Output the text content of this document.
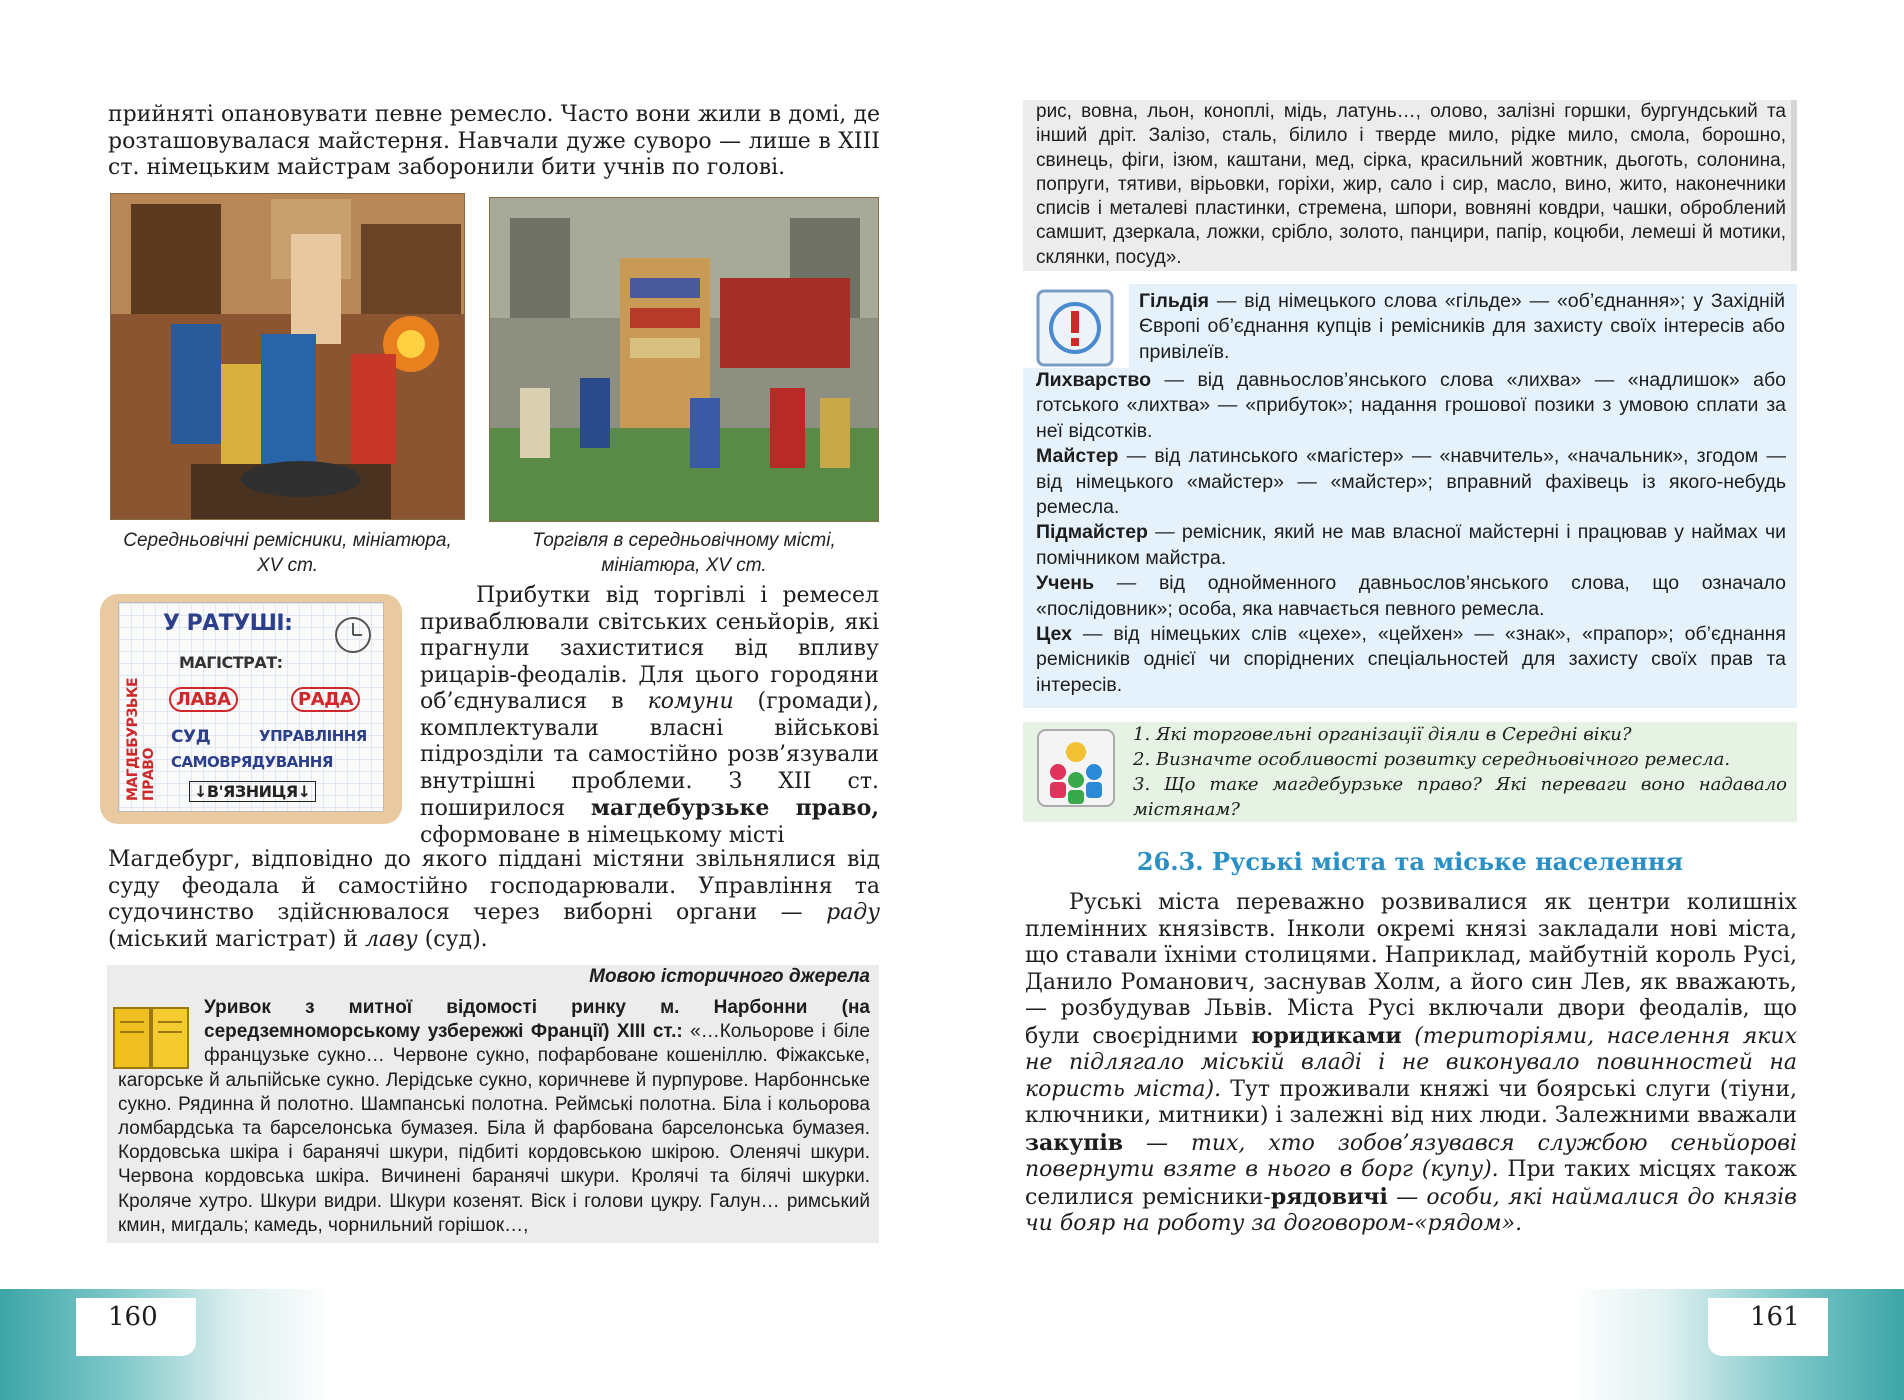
прийняті опановувати певне ремесло. Часто вони жили в домі, де розташовувалася майстерня. Навчали дуже суворо — лише в XIII ст. німецьким майстрам заборонили бити учнів по голові.

Середньовічні ремісники, мініатюра, XV ст.

Торгівля в середньовічному місті, мініатюра, XV ст.

МАГДЕБУРЗЬКЕ ПРАВО
У РАТУШІ:
МАГІСТРАТ:
ЛАВА	РАДА
СУД	УПРАВЛІННЯ
САМОВРЯДУВАННЯ
↓В'ЯЗНИЦЯ↓

Прибутки від торгівлі і ремесел приваблювали світських сеньйорів, які прагнули захиститися від впливу рицарів-феодалів. Для цього городяни об’єднувалися в комуни (громади), комплектували власні військові підрозділи та самостійно розв’язували внутрішні проблеми. З XII ст. поширилося магдебурзьке право, сформоване в німецькому місті

Магдебург, відповідно до якого піддані містяни звільнялися від суду феодала й самостійно господарювали. Управління та судочинство здійснювалося через виборні органи — раду (міський магістрат) й лаву (суд).

Мовою історичного джерела

Уривок з митної відомості ринку м. Нарбонни (на середземноморському узбережжі Франції) XIII ст.: «…Кольорове і біле французьке сукно… Червоне сукно, пофарбоване кошеніллю. Фіжакське, кагорське й альпійське сукно. Лерідське сукно, коричневе й пурпурове. Нарбоннське сукно. Рядинна й полотно. Шампанські полотна. Реймські полотна. Біла і кольорова ломбардська та барселонська бумазея. Біла й фарбована барселонська бумазея. Кордовська шкіра і баранячі шкури, підбиті кордовською шкірою. Оленячі шкури. Червона кордовська шкіра. Вичинені баранячі шкури. Кролячі та білячі шкурки. Кроляче хутро. Шкури видри. Шкури козенят. Віск і голови цукру. Галун… римський кмин, мигдаль; камедь, чорнильний горішок…,

рис, вовна, льон, коноплі, мідь, латунь…, олово, залізні горшки, бургундський та інший дріт. Залізо, сталь, білило і тверде мило, рідке мило, смола, борошно, свинець, фіги, ізюм, каштани, мед, сірка, красильний жовтник, дьоготь, солонина, попруги, тятиви, вірьовки, горіхи, жир, сало і сир, масло, вино, жито, наконечники списів і металеві пластинки, стремена, шпори, вовняні ковдри, чашки, оброблений самшит, дзеркала, ложки, срібло, золото, панцири, папір, коцюби, лемеші й мотики, склянки, посуд».

Гільдія — від німецького слова «гільде» — «об’єднання»; у Західній Європі об’єднання купців і ремісників для захисту своїх інтересів або привілеїв.

Лихварство — від давньослов’янського слова «лихва» — «надлишок» або готського «лихтва» — «прибуток»; надання грошової позики з умовою сплати за неї відсотків.

Майстер — від латинського «магістер» — «навчитель», «начальник», згодом — від німецького «майстер» — «майстер»; вправний фахівець із якого-небудь ремесла.

Підмайстер — ремісник, який не мав власної майстерні і працював у наймах чи помічником майстра.

Учень — від однойменного давньослов’янського слова, що означало «послідовник»; особа, яка навчається певного ремесла.

Цех — від німецьких слів «цехе», «цейхен» — «знак», «прапор»; об’єднання ремісників однієї чи споріднених спеціальностей для захисту своїх прав та інтересів.

1. Які торговельні організації діяли в Середні віки?

2. Визначте особливості розвитку середньовічного ремесла.

3. Що таке магдебурзьке право? Які переваги воно надавало містянам?

26.3. Руські міста та міське населення

Руські міста переважно розвивалися як центри колишніх племінних князівств. Інколи окремі князі закладали нові міста, що ставали їхніми столицями. Наприклад, майбутній король Русі, Данило Романович, заснував Холм, а його син Лев, як вважають, — розбудував Львів. Міста Русі включали двори феодалів, що були своєрідними юридиками (територіями, населення яких не підлягало міській владі і не виконувало повинностей на користь міста). Тут проживали княжі чи боярські слуги (тіуни, ключники, митники) і залежні від них люди. Залежними вважали закупів — тих, хто зобов’язувався службою сеньйорові повернути взяте в нього в борг (купу). При таких місцях також селилися ремісники-рядовичі — особи, які наймалися до князів чи бояр на роботу за договором-«рядом».

160	161
